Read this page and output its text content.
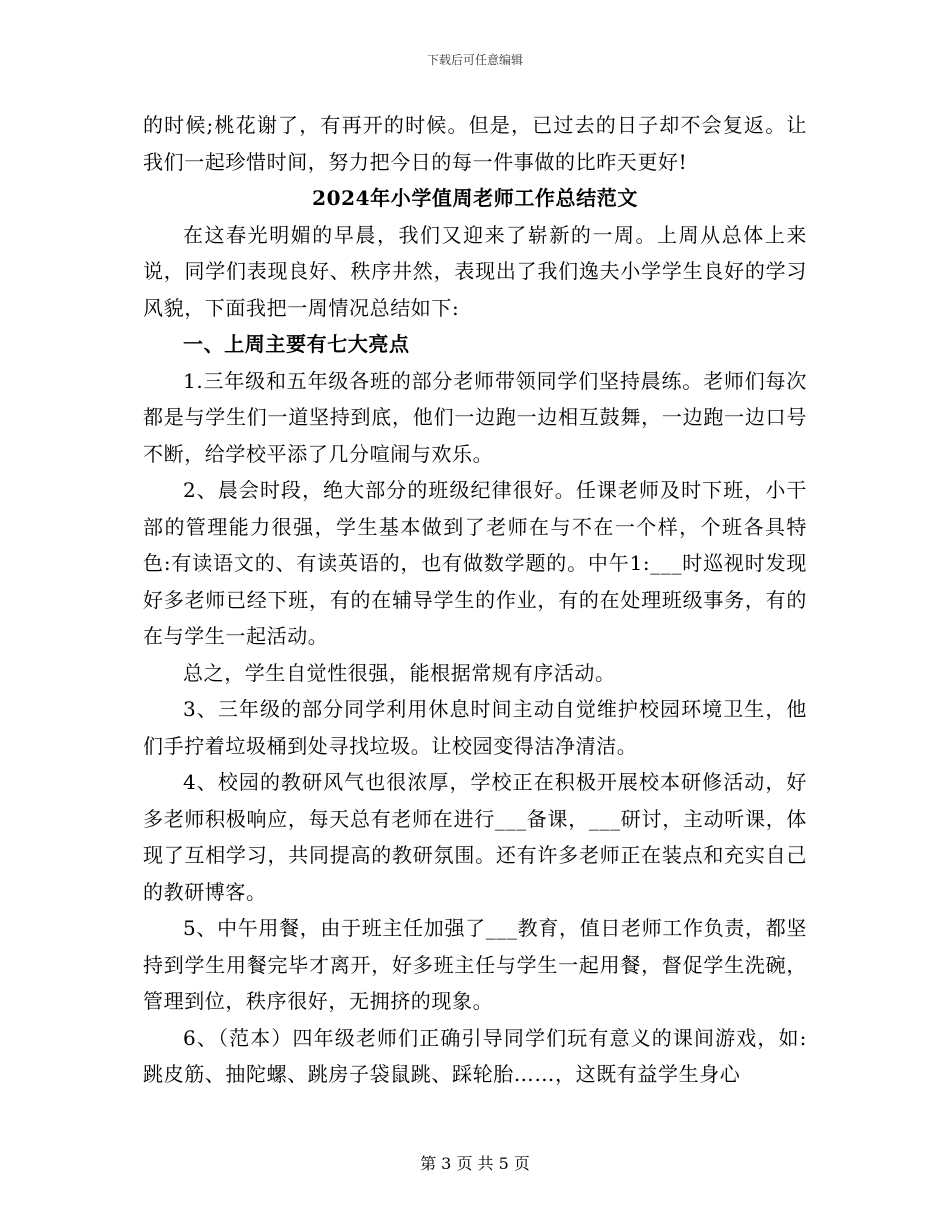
下载后可任意编辑

的时候;桃花谢了，有再开的时候。但是，已过去的日子却不会复返。让我们一起珍惜时间，努力把今日的每一件事做的比昨天更好!

2024年小学值周老师工作总结范文

在这春光明媚的早晨，我们又迎来了崭新的一周。上周从总体上来说，同学们表现良好、秩序井然，表现出了我们逸夫小学学生良好的学习风貌，下面我把一周情况总结如下:

一、上周主要有七大亮点

1.三年级和五年级各班的部分老师带领同学们坚持晨练。老师们每次都是与学生们一道坚持到底，他们一边跑一边相互鼓舞，一边跑一边口号不断，给学校平添了几分喧闹与欢乐。

2、晨会时段，绝大部分的班级纪律很好。任课老师及时下班，小干部的管理能力很强，学生基本做到了老师在与不在一个样，个班各具特色:有读语文的、有读英语的，也有做数学题的。中午1:___时巡视时发现好多老师已经下班，有的在辅导学生的作业，有的在处理班级事务，有的在与学生一起活动。

总之，学生自觉性很强，能根据常规有序活动。

3、三年级的部分同学利用休息时间主动自觉维护校园环境卫生，他们手拧着垃圾桶到处寻找垃圾。让校园变得洁净清洁。

4、校园的教研风气也很浓厚，学校正在积极开展校本研修活动，好多老师积极响应，每天总有老师在进行___备课，___研讨，主动听课，体现了互相学习，共同提高的教研氛围。还有许多老师正在装点和充实自己的教研博客。

5、中午用餐，由于班主任加强了___教育，值日老师工作负责，都坚持到学生用餐完毕才离开，好多班主任与学生一起用餐，督促学生洗碗，管理到位，秩序很好，无拥挤的现象。

6、（范本）四年级老师们正确引导同学们玩有意义的课间游戏，如:跳皮筋、抽陀螺、跳房子袋鼠跳、踩轮胎……，这既有益学生身心

第 3 页 共 5 页
